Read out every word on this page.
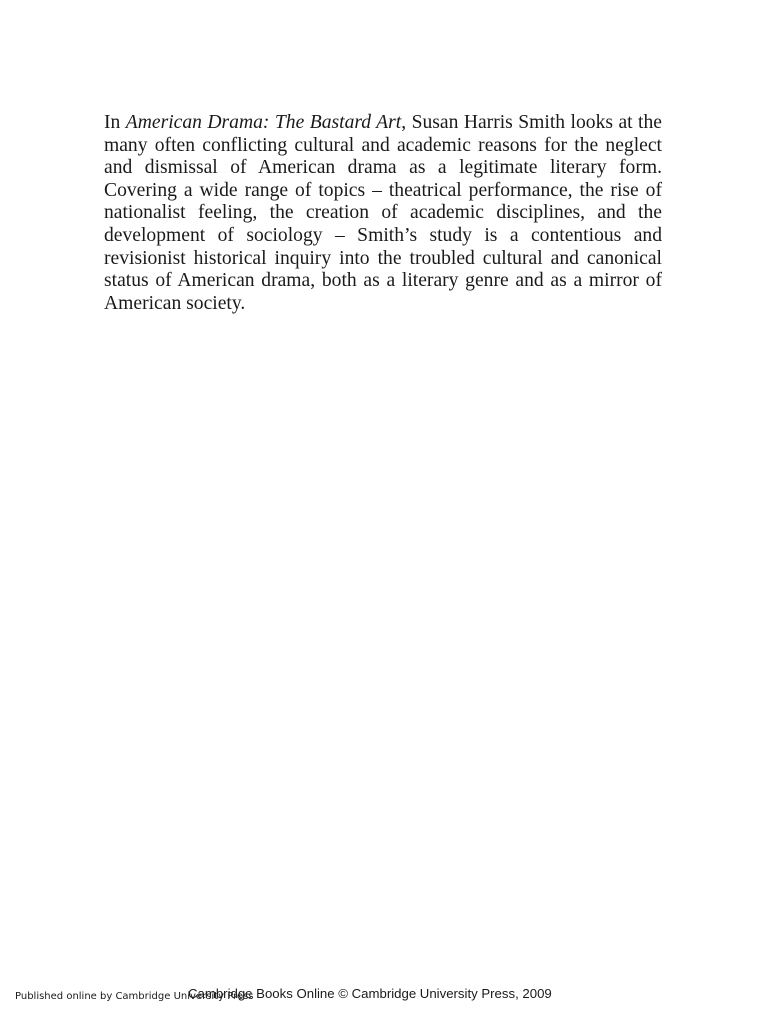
In American Drama: The Bastard Art, Susan Harris Smith looks at the many often conflicting cultural and academic reasons for the neglect and dismissal of American drama as a legitimate literary form. Covering a wide range of topics – theatrical performance, the rise of nationalist feeling, the creation of academic disciplines, and the development of sociology – Smith’s study is a contentious and revisionist historical inquiry into the troubled cultural and canonical status of American drama, both as a literary genre and as a mirror of American society.

Published online by Cambridge University Press
Cambridge Books Online © Cambridge University Press, 2009
